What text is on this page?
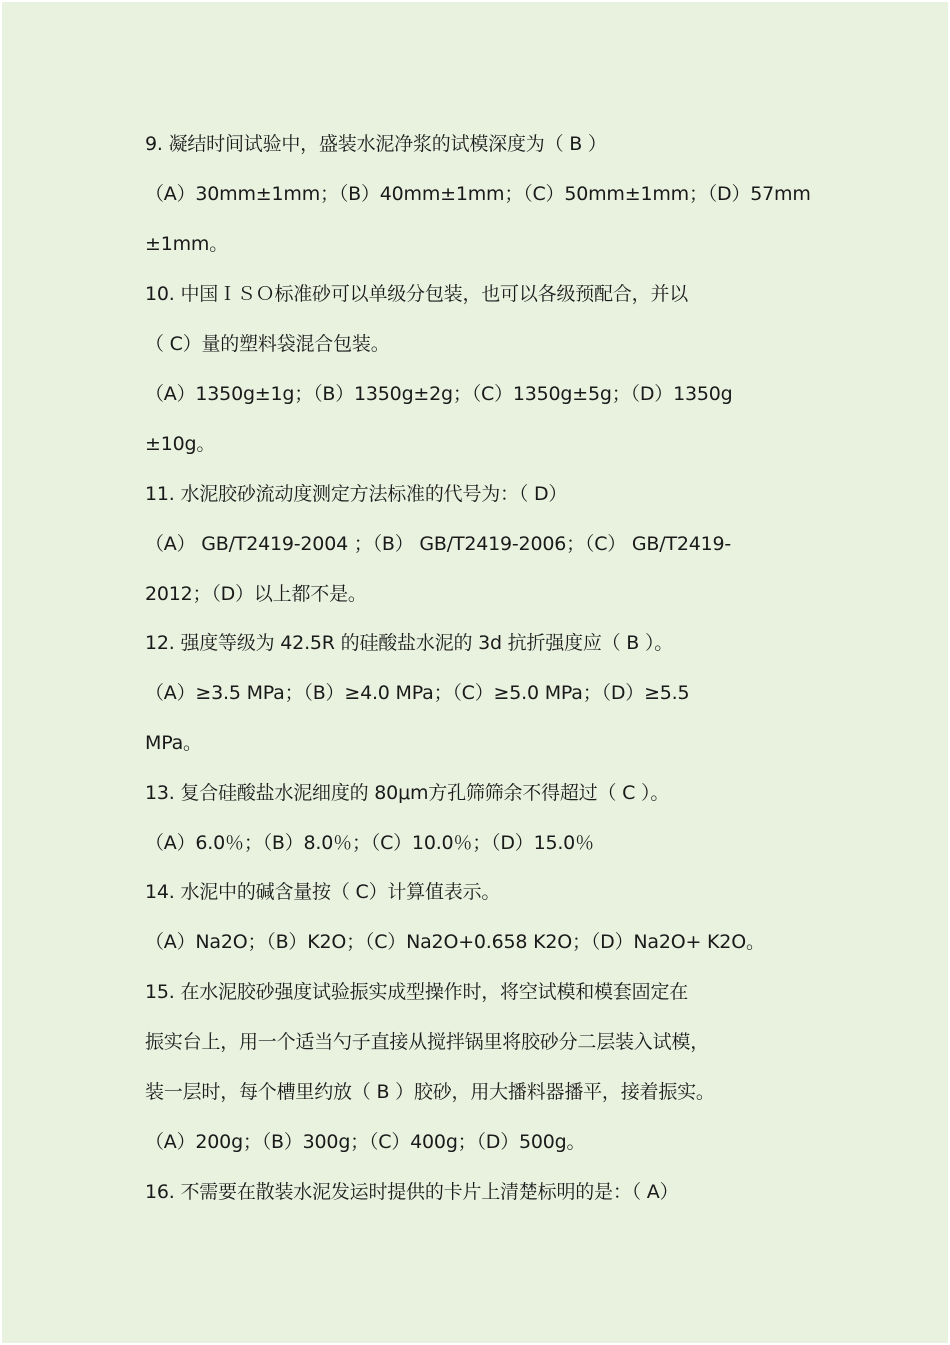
9. 凝结时间试验中，盛装水泥净浆的试模深度为（ B ）
（A）30mm±1mm；（B）40mm±1mm；（C）50mm±1mm；（D）57mm
±1mm。
10. 中国ＩＳＯ标准砂可以单级分包装，也可以各级预配合，并以
（ C）量的塑料袋混合包装。
（A）1350g±1g；（B）1350g±2g；（C）1350g±5g；（D）1350g
±10g。
11. 水泥胶砂流动度测定方法标准的代号为：（ D）
（A） GB/T2419-2004 ；（B） GB/T2419-2006；（C） GB/T2419-
2012；（D）以上都不是。
12. 强度等级为 42.5R 的硅酸盐水泥的 3d 抗折强度应（ B ）。
（A）≥3.5 MPa；（B）≥4.0 MPa；（C）≥5.0 MPa；（D）≥5.5
MPa。
13. 复合硅酸盐水泥细度的 80μm方孔筛筛余不得超过（ C ）。
（A）6.0％；（B）8.0％；（C）10.0％；（D）15.0％
14. 水泥中的碱含量按（ C）计算值表示。
（A）Na2O；（B）K2O；（C）Na2O+0.658 K2O；（D）Na2O+ K2O。
15. 在水泥胶砂强度试验振实成型操作时，将空试模和模套固定在
振实台上，用一个适当勺子直接从搅拌锅里将胶砂分二层装入试模，
装一层时，每个槽里约放（ B ）胶砂，用大播料器播平，接着振实。
（A）200g；（B）300g；（C）400g；（D）500g。
16. 不需要在散装水泥发运时提供的卡片上清楚标明的是：（ A）
